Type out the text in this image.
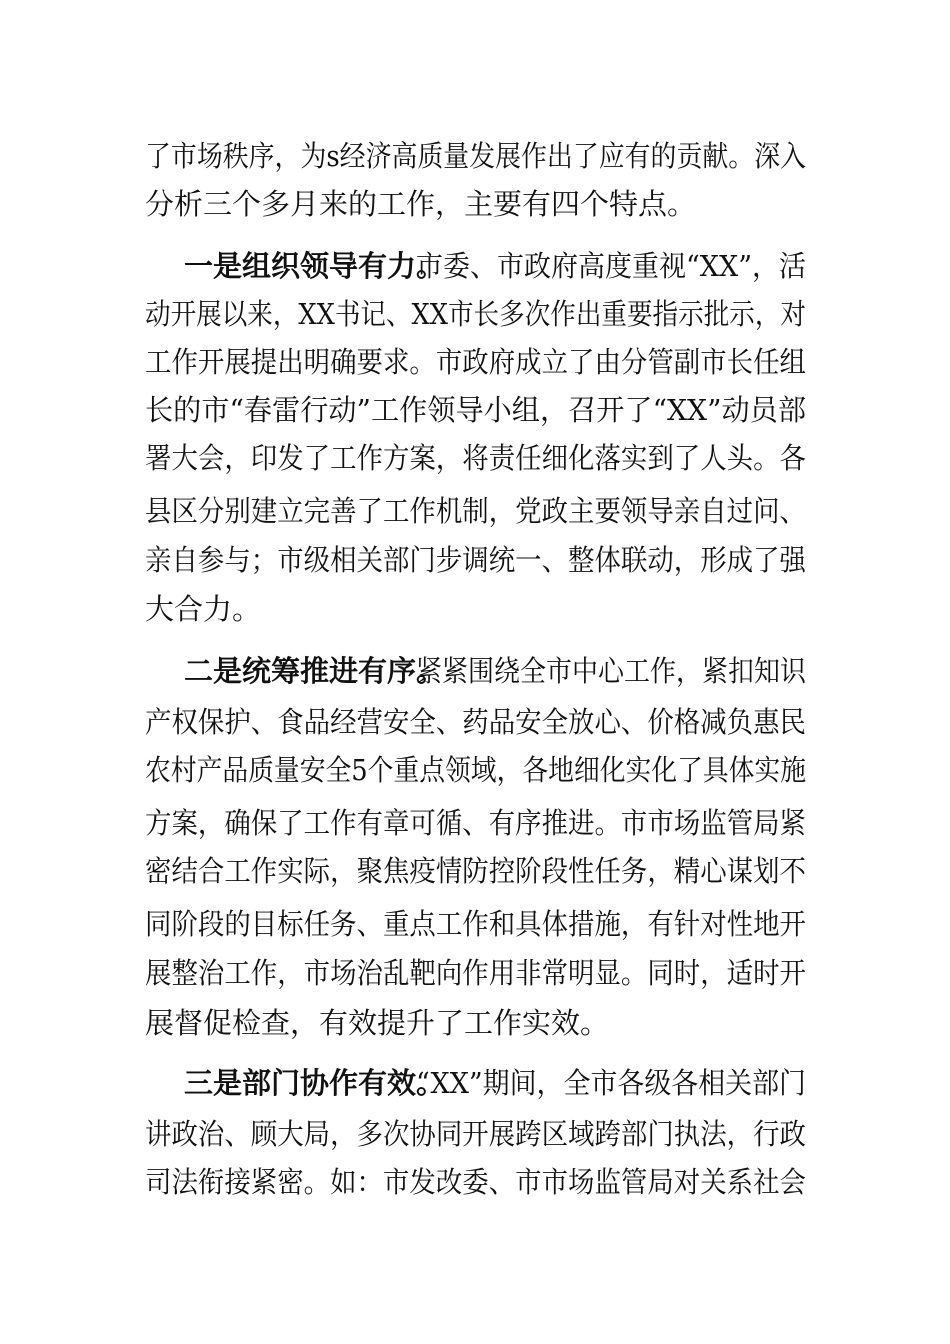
了市场秩序，为s经济高质量发展作出了应有的贡献。深入
分析三个多月来的工作，主要有四个特点。
一是组织领导有力。
市委、市政府高度重视“XX”，活
动开展以来，XX书记、XX市长多次作出重要指示批示，对
工作开展提出明确要求。市政府成立了由分管副市长任组
长的市“春雷行动”工作领导小组，召开了“XX”动员部
署大会，印发了工作方案，将责任细化落实到了人头。各
县区分别建立完善了工作机制，党政主要领导亲自过问、
亲自参与；市级相关部门步调统一、整体联动，形成了强
大合力。
二是统筹推进有序。
紧紧围绕全市中心工作，紧扣知识
产权保护、食品经营安全、药品安全放心、价格减负惠民
农村产品质量安全5个重点领域，各地细化实化了具体实施
方案，确保了工作有章可循、有序推进。市市场监管局紧
密结合工作实际，聚焦疫情防控阶段性任务，精心谋划不
同阶段的目标任务、重点工作和具体措施，有针对性地开
展整治工作，市场治乱靶向作用非常明显。同时，适时开
展督促检查，有效提升了工作实效。
三是部门协作有效。
“XX”期间，全市各级各相关部门
讲政治、顾大局，多次协同开展跨区域跨部门执法，行政
司法衔接紧密。如：市发改委、市市场监管局对关系社会
